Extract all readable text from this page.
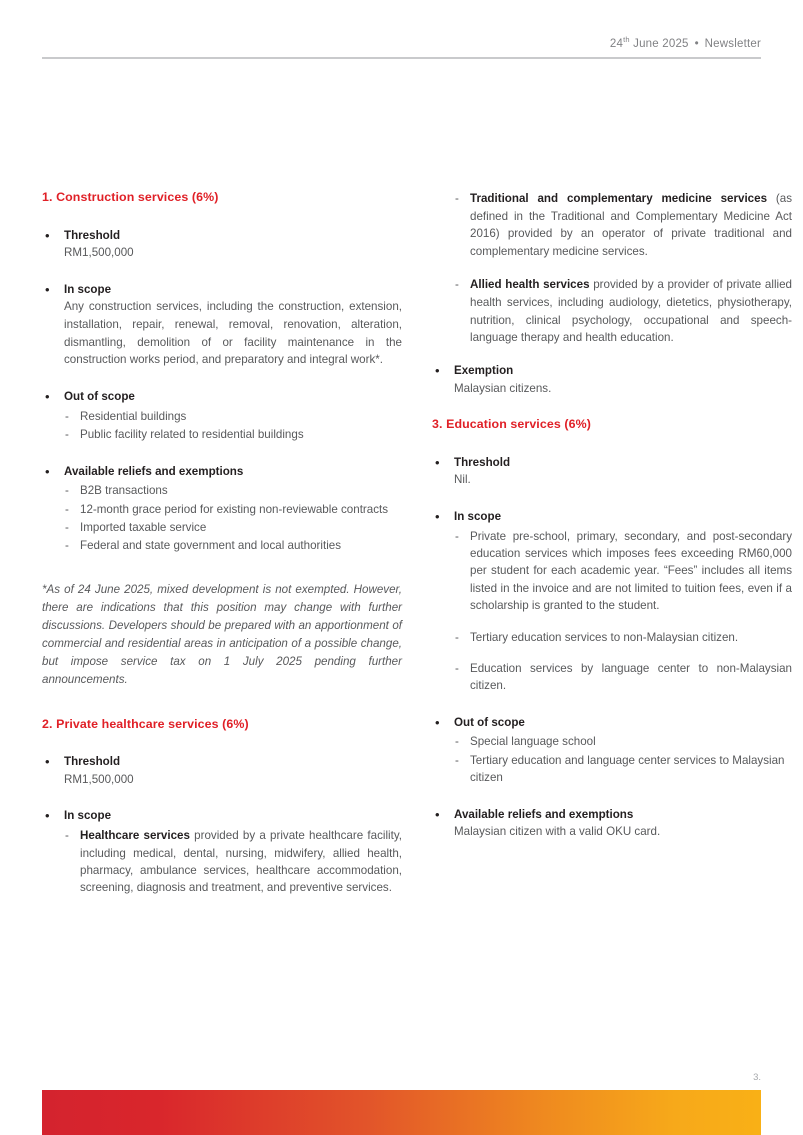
24th June 2025 • Newsletter
1. Construction services (6%)
• Threshold
RM1,500,000
• In scope

Any construction services, including the construction, extension, installation, repair, renewal, removal, renovation, alteration, dismantling, demolition of or facility maintenance in the construction works period, and preparatory and integral work*.

• Out of scope
- Residential buildings
- Public facility related to residential buildings
• Available reliefs and exemptions
- B2B transactions
- 12-month grace period for existing non-reviewable contracts
- Imported taxable service
- Federal and state government and local authorities

*As of 24 June 2025, mixed development is not exempted. However, there are indications that this position may change with further discussions. Developers should be prepared with an apportionment of commercial and residential areas in anticipation of a possible change, but impose service tax on 1 July 2025 pending further announcements.

2. Private healthcare services (6%)
• Threshold
RM1,500,000
• In scope
- Healthcare services provided by a private healthcare facility, including medical, dental, nursing, midwifery, allied health, pharmacy, ambulance services, healthcare accommodation, screening, diagnosis and treatment, and preventive services.

- Traditional and complementary medicine services (as defined in the Traditional and Complementary Medicine Act 2016) provided by an operator of private traditional and complementary medicine services.

- Allied health services provided by a provider of private allied health services, including audiology, dietetics, physiotherapy, nutrition, clinical psychology, occupational and speech-language therapy and health education.

• Exemption
Malaysian citizens.
3. Education services (6%)
• Threshold
Nil.
• In scope
- Private pre-school, primary, secondary, and post-secondary education services which imposes fees exceeding RM60,000 per student for each academic year. “Fees” includes all items listed in the invoice and are not limited to tuition fees, even if a scholarship is granted to the student.
- Tertiary education services to non-Malaysian citizen.
- Education services by language center to non-Malaysian citizen.
• Out of scope
- Special language school
- Tertiary education and language center services to Malaysian citizen
• Available reliefs and exemptions
Malaysian citizen with a valid OKU card.
3.
